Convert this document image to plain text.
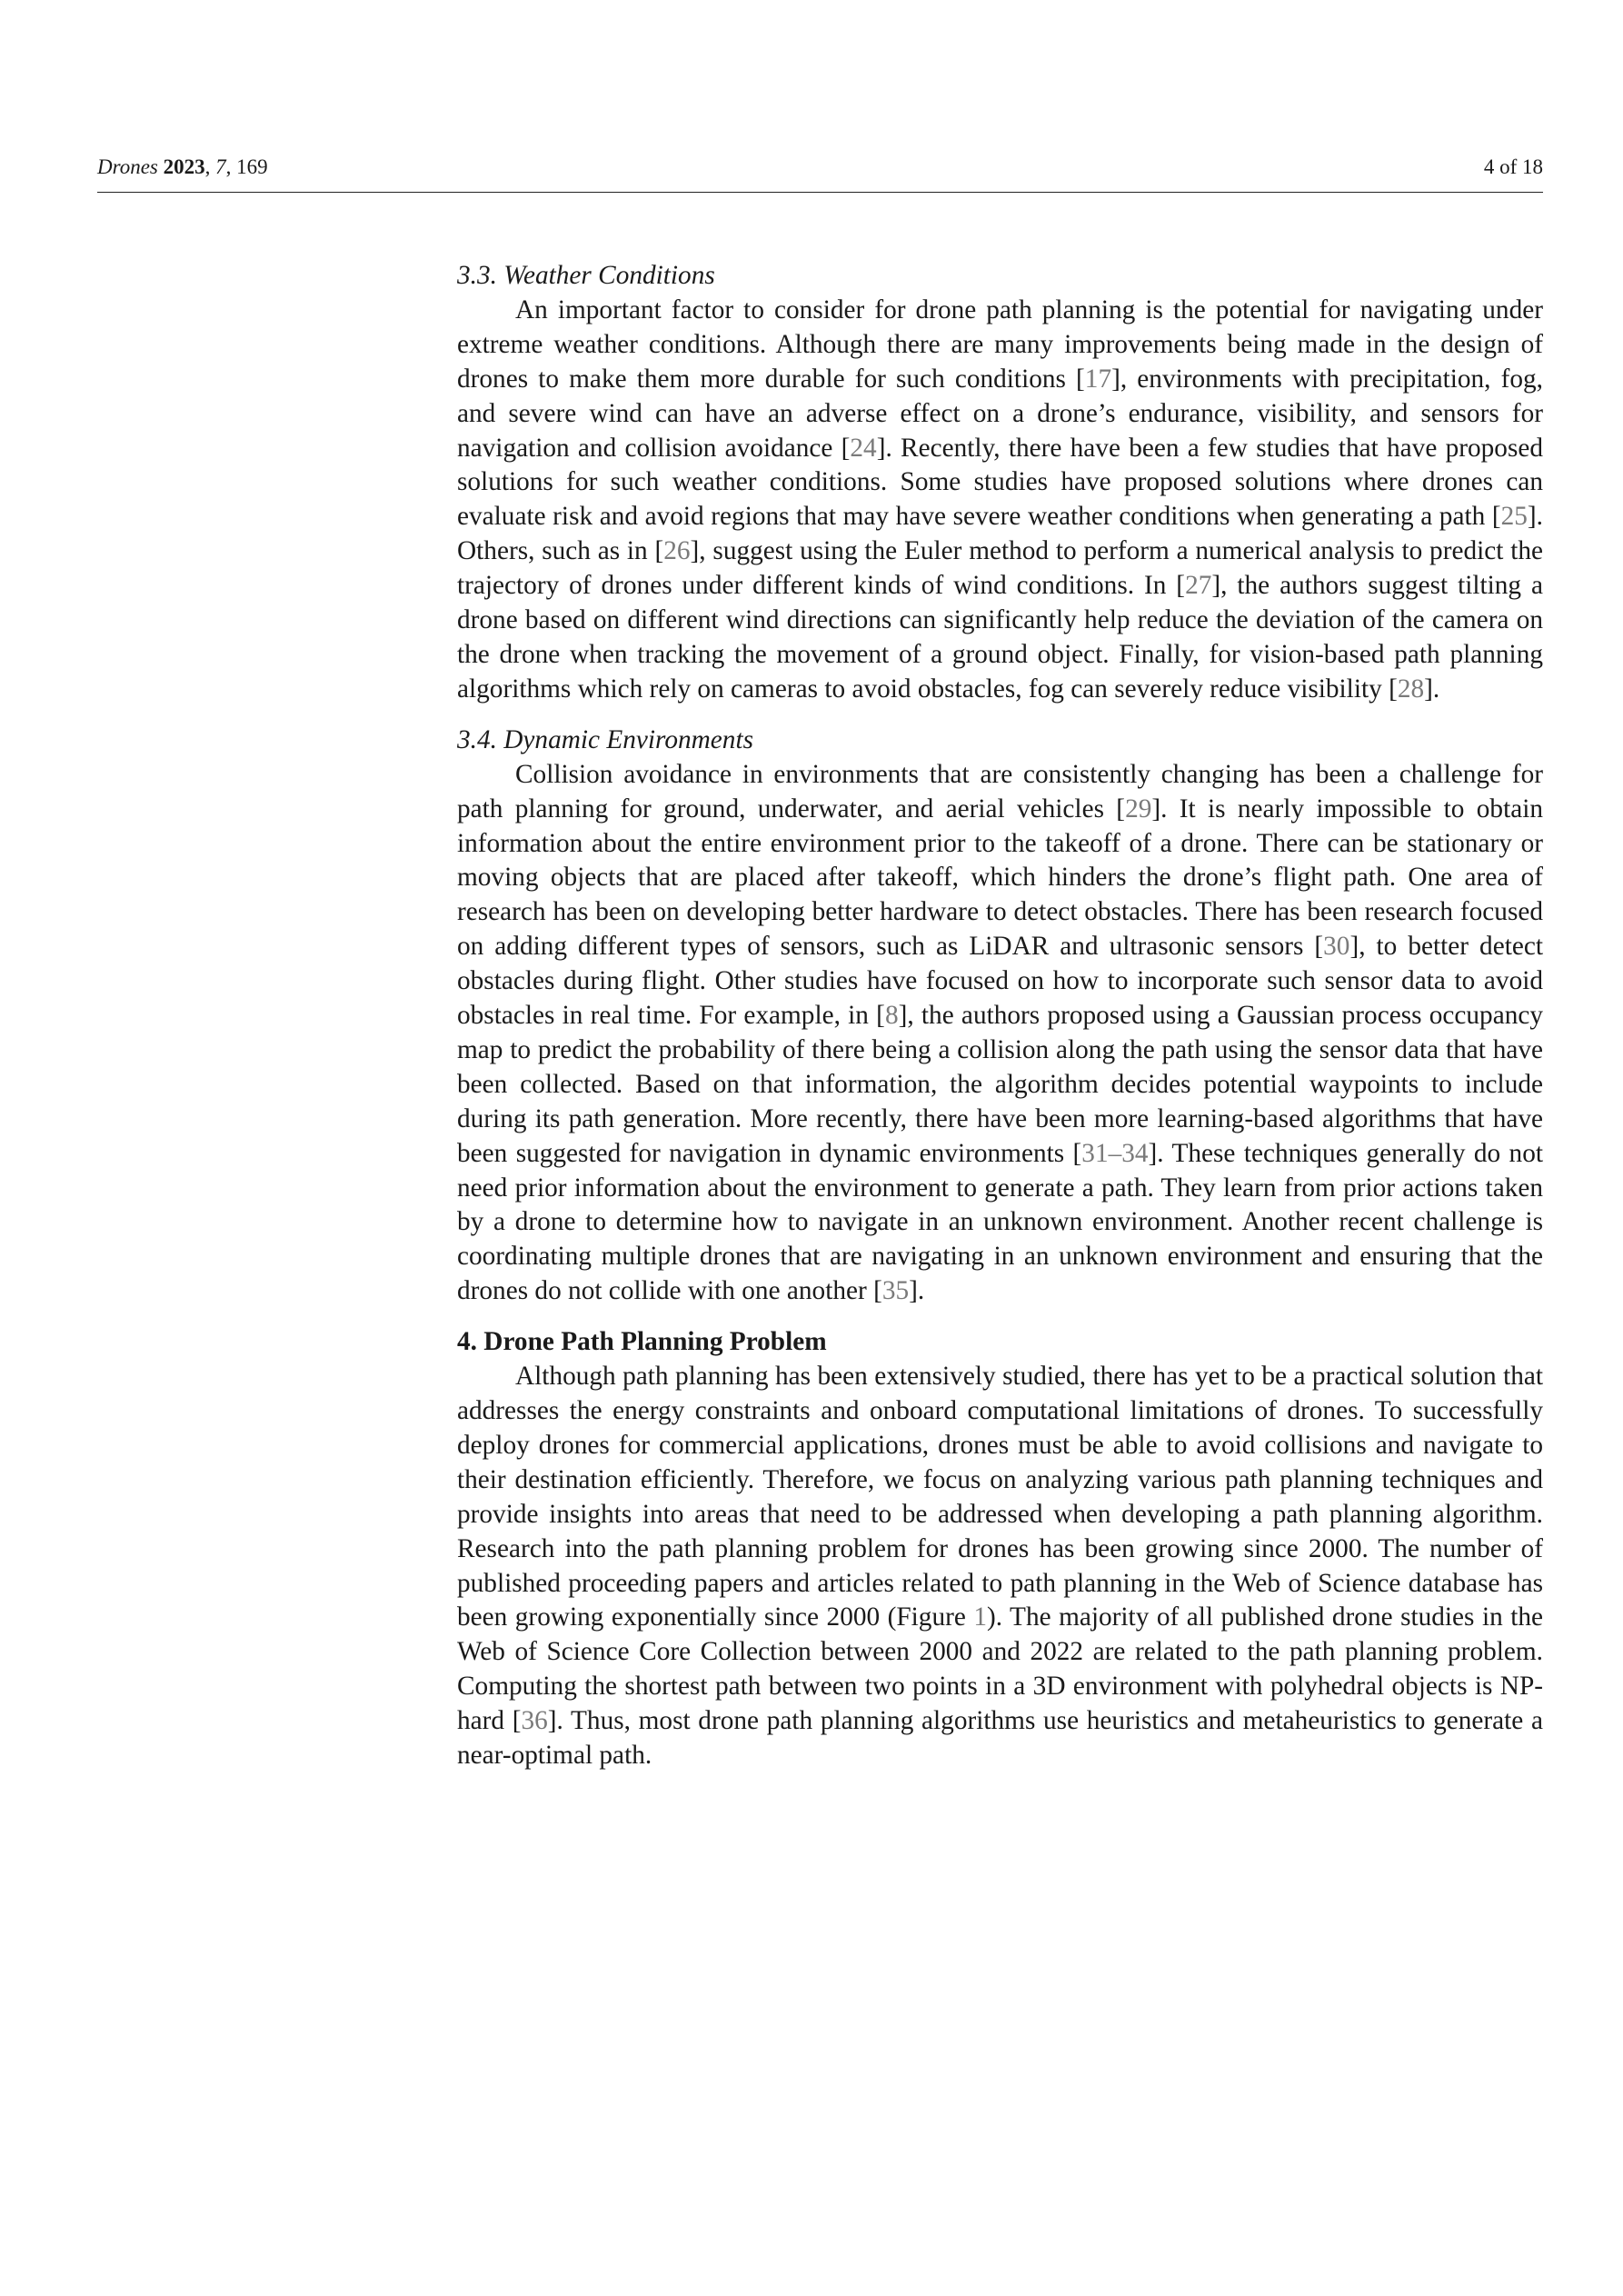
Drones 2023, 7, 169	4 of 18
3.3. Weather Conditions

An important factor to consider for drone path planning is the potential for navigating under extreme weather conditions. Although there are many improvements being made in the design of drones to make them more durable for such conditions [17], environments with precipitation, fog, and severe wind can have an adverse effect on a drone’s endurance, visibility, and sensors for navigation and collision avoidance [24]. Recently, there have been a few studies that have proposed solutions for such weather conditions. Some studies have proposed solutions where drones can evaluate risk and avoid regions that may have severe weather conditions when generating a path [25]. Others, such as in [26], suggest using the Euler method to perform a numerical analysis to predict the trajectory of drones under different kinds of wind conditions. In [27], the authors suggest tilting a drone based on different wind directions can significantly help reduce the deviation of the camera on the drone when tracking the movement of a ground object. Finally, for vision-based path planning algorithms which rely on cameras to avoid obstacles, fog can severely reduce visibility [28].

3.4. Dynamic Environments

Collision avoidance in environments that are consistently changing has been a challenge for path planning for ground, underwater, and aerial vehicles [29]. It is nearly impossible to obtain information about the entire environment prior to the takeoff of a drone. There can be stationary or moving objects that are placed after takeoff, which hinders the drone’s flight path. One area of research has been on developing better hardware to detect obstacles. There has been research focused on adding different types of sensors, such as LiDAR and ultrasonic sensors [30], to better detect obstacles during flight. Other studies have focused on how to incorporate such sensor data to avoid obstacles in real time. For example, in [8], the authors proposed using a Gaussian process occupancy map to predict the probability of there being a collision along the path using the sensor data that have been collected. Based on that information, the algorithm decides potential waypoints to include during its path generation. More recently, there have been more learning-based algorithms that have been suggested for navigation in dynamic environments [31–34]. These techniques generally do not need prior information about the environment to generate a path. They learn from prior actions taken by a drone to determine how to navigate in an unknown environment. Another recent challenge is coordinating multiple drones that are navigating in an unknown environment and ensuring that the drones do not collide with one another [35].

4. Drone Path Planning Problem

Although path planning has been extensively studied, there has yet to be a practical solution that addresses the energy constraints and onboard computational limitations of drones. To successfully deploy drones for commercial applications, drones must be able to avoid collisions and navigate to their destination efficiently. Therefore, we focus on analyzing various path planning techniques and provide insights into areas that need to be addressed when developing a path planning algorithm. Research into the path planning problem for drones has been growing since 2000. The number of published proceeding papers and articles related to path planning in the Web of Science database has been growing exponentially since 2000 (Figure 1). The majority of all published drone studies in the Web of Science Core Collection between 2000 and 2022 are related to the path planning problem. Computing the shortest path between two points in a 3D environment with polyhedral objects is NP-hard [36]. Thus, most drone path planning algorithms use heuristics and metaheuristics to generate a near-optimal path.
